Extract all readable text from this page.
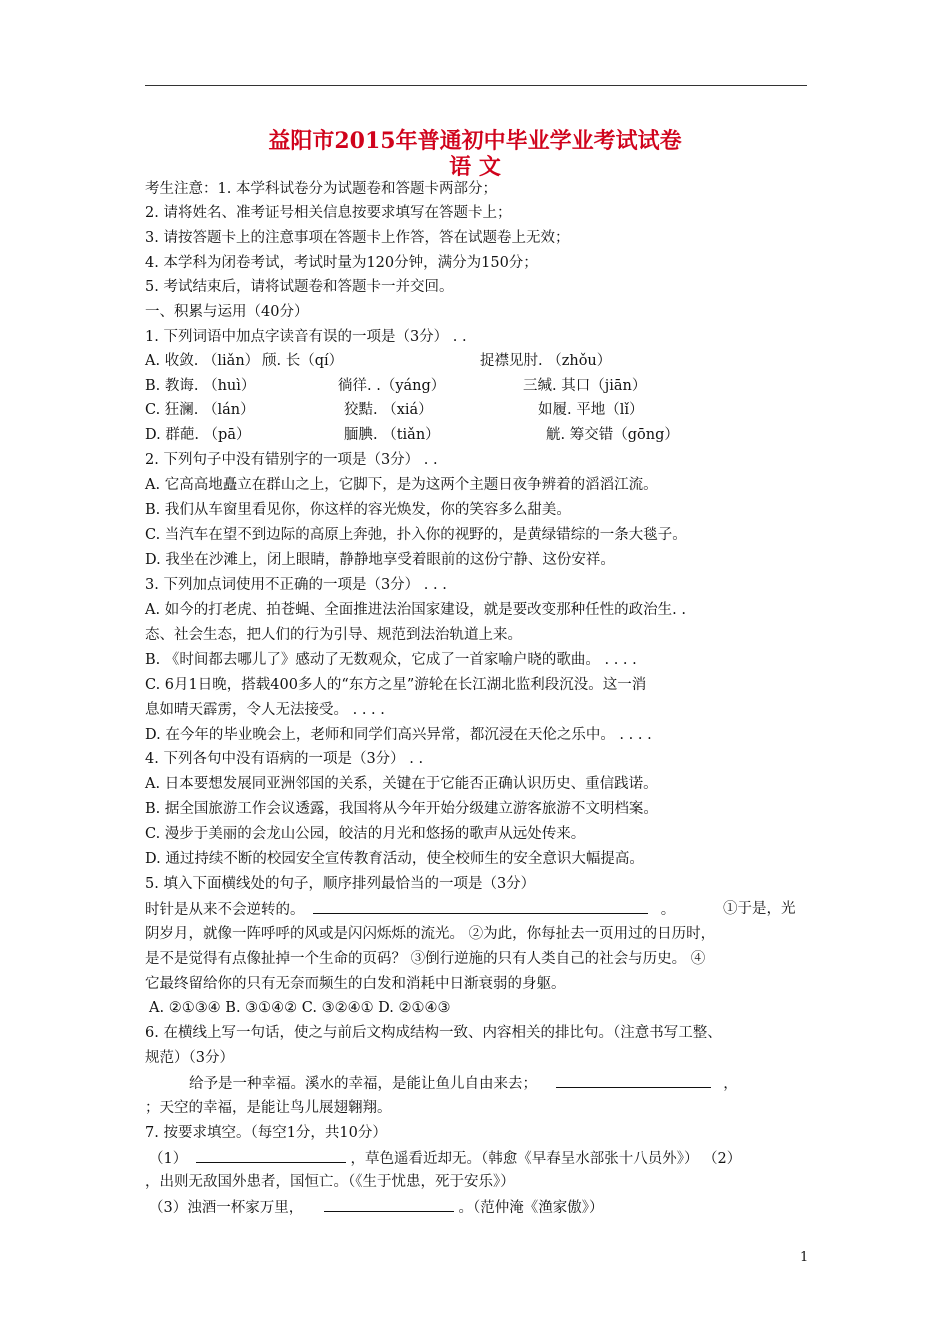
益阳市2015年普通初中毕业学业考试试卷
语 文
考生注意：1. 本学科试卷分为试题卷和答题卡两部分；
2. 请将姓名、准考证号相关信息按要求填写在答题卡上；
3. 请按答题卡上的注意事项在答题卡上作答，答在试题卷上无效；
4. 本学科为闭卷考试，考试时量为120分钟，满分为150分；
5. 考试结束后，请将试题卷和答题卡一并交回。
一、积累与运用（40分）
1. 下列词语中加点字读音有误的一项是（3分） . .
A. 收敛. （liǎn） 颀. 长（qí）	捉襟见肘. （zhǒu）
B. 教诲. （huì）	徜徉. .（yáng）	三缄. 其口（jiān）
C. 狂澜. （lán）	狡黠. （xiá）	如履. 平地（lǐ）
D. 群葩. （pā）	腼腆. （tiǎn）	觥. 筹交错（gōng）
2. 下列句子中没有错别字的一项是（3分） . .
A. 它高高地矗立在群山之上，它脚下，是为这两个主题日夜争辨着的滔滔江流。
B. 我们从车窗里看见你，你这样的容光焕发，你的笑容多么甜美。
C. 当汽车在望不到边际的高原上奔弛，扑入你的视野的，是黄绿错综的一条大毯子。
D. 我坐在沙滩上，闭上眼睛，静静地享受着眼前的这份宁静、这份安祥。
3. 下列加点词使用不正确的一项是（3分） . . .
A. 如今的打老虎、拍苍蝇、全面推进法治国家建设，就是要改变那种任性的政治生. .
态、社会生态，把人们的行为引导、规范到法治轨道上来。
B. 《时间都去哪儿了》感动了无数观众，它成了一首家喻户晓的歌曲。 . . . .
C. 6月1日晚，搭载400多人的“东方之星”游轮在长江湖北监利段沉没。这一消
息如晴天霹雳，令人无法接受。 . . . .
D. 在今年的毕业晚会上，老师和同学们高兴异常，都沉浸在天伦之乐中。 . . . .
4. 下列各句中没有语病的一项是（3分） . .
A. 日本要想发展同亚洲邻国的关系，关键在于它能否正确认识历史、重信践诺。
B. 据全国旅游工作会议透露，我国将从今年开始分级建立游客旅游不文明档案。
C. 漫步于美丽的会龙山公园，皎洁的月光和悠扬的歌声从远处传来。
D. 通过持续不断的校园安全宣传教育活动，使全校师生的安全意识大幅提高。
5. 填入下面横线处的句子，顺序排列最恰当的一项是（3分）
时针是从来不会逆转的。	。	①于是，光
阴岁月，就像一阵呼呼的风或是闪闪烁烁的流光。 ②为此，你每扯去一页用过的日历时，
是不是觉得有点像扯掉一个生命的页码？ ③倒行逆施的只有人类自己的社会与历史。 ④
它最终留给你的只有无奈而频生的白发和消耗中日渐衰弱的身躯。
A. ②①③④ B. ③①④② C. ③②④① D. ②①④③
6. 在横线上写一句话，使之与前后文构成结构一致、内容相关的排比句。（注意书写工整、
规范）（3分）
给予是一种幸福。溪水的幸福，是能让鱼儿自由来去；	，
；天空的幸福，是能让鸟儿展翅翱翔。
7. 按要求填空。（每空1分，共10分）
（1）	，草色遥看近却无。（韩愈《早春呈水部张十八员外》） （2）
，出则无敌国外患者，国恒亡。（《生于忧患，死于安乐》）
（3）浊酒一杯家万里，	。（范仲淹《渔家傲》）
1
